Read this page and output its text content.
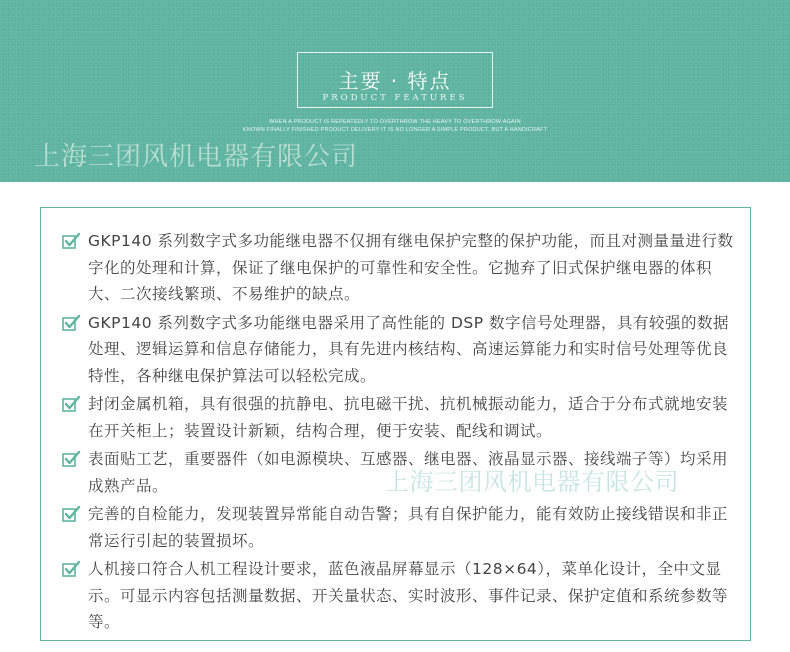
主要 · 特点
PRODUCT FEATURES
WHEN A PRODUCT IS REPEATEDLY TO OVERTHROW THE HEAVY TO OVERTHROW AGAIN
KNOWN FINALLY FINISHED PRODUCT DELIVERY IT IS NO LONGER A SIMPLE PRODUCT, BUT A HANDICRAFT
上海三团风机电器有限公司
GKP140 系列数字式多功能继电器不仅拥有继电保护完整的保护功能，而且对测量量进行数字化的处理和计算，保证了继电保护的可靠性和安全性。它抛弃了旧式保护继电器的体积大、二次接线繁琐、不易维护的缺点。
GKP140 系列数字式多功能继电器采用了高性能的 DSP 数字信号处理器，具有较强的数据处理、逻辑运算和信息存储能力，具有先进内核结构、高速运算能力和实时信号处理等优良特性，各种继电保护算法可以轻松完成。
封闭金属机箱，具有很强的抗静电、抗电磁干扰、抗机械振动能力，适合于分布式就地安装在开关柜上；装置设计新颖，结构合理，便于安装、配线和调试。
表面贴工艺，重要器件（如电源模块、互感器、继电器、液晶显示器、接线端子等）均采用成熟产品。
完善的自检能力，发现装置异常能自动告警；具有自保护能力，能有效防止接线错误和非正常运行引起的装置损坏。
人机接口符合人机工程设计要求，蓝色液晶屏幕显示（128×64），菜单化设计，全中文显示。可显示内容包括测量数据、开关量状态、实时波形、事件记录、保护定值和系统参数等等。
上海三团风机电器有限公司
